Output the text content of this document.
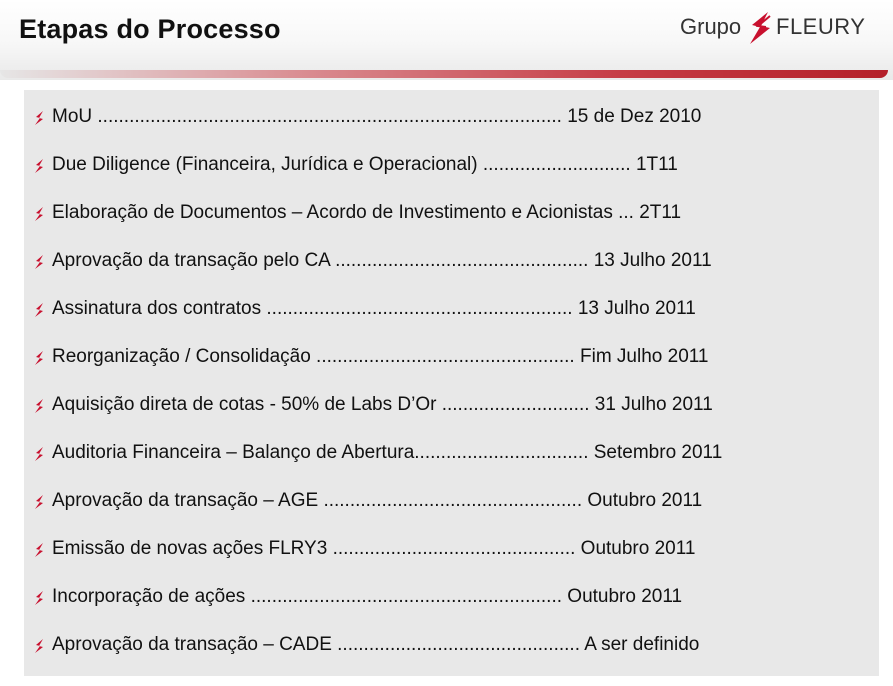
Etapas do Processo	Grupo FLEURY
MoU ........................................................................................ 15 de Dez 2010
Due Diligence (Financeira, Jurídica e Operacional) ............................ 1T11
Elaboração de Documentos – Acordo de Investimento e Acionistas ... 2T11
Aprovação da transação pelo CA ................................................ 13 Julho 2011
Assinatura dos contratos .......................................................... 13 Julho 2011
Reorganização / Consolidação ................................................. Fim Julho 2011
Aquisição direta de cotas - 50% de Labs D’Or ............................ 31 Julho 2011
Auditoria Financeira – Balanço de Abertura................................. Setembro 2011
Aprovação da transação – AGE ................................................. Outubro 2011
Emissão de novas ações FLRY3 .............................................. Outubro 2011
Incorporação de ações ........................................................... Outubro 2011
Aprovação da transação – CADE .............................................. A ser definido
